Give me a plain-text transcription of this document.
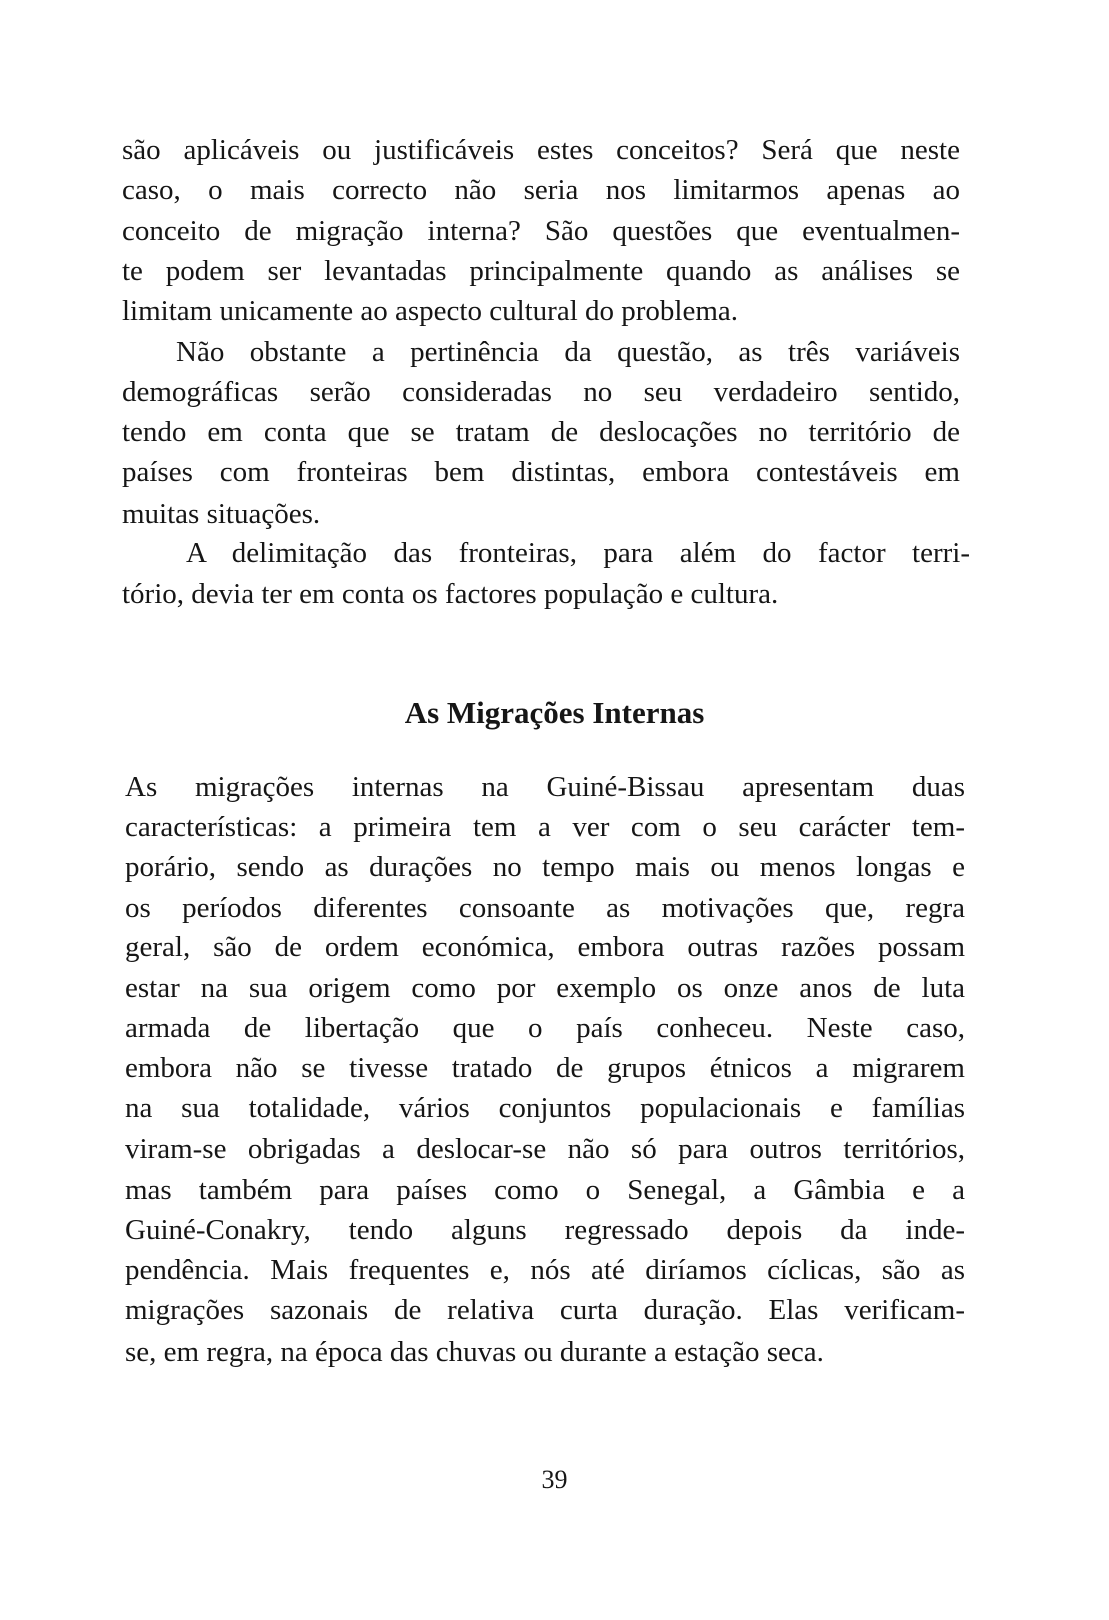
são aplicáveis ou justificáveis estes conceitos? Será que neste
caso, o mais correcto não seria nos limitarmos apenas ao
conceito de migração interna? São questões que eventualmen-
te podem ser levantadas principalmente quando as análises se
limitam unicamente ao aspecto cultural do problema.
Não obstante a pertinência da questão, as três variáveis
demográficas serão consideradas no seu verdadeiro sentido,
tendo em conta que se tratam de deslocações no território de
países com fronteiras bem distintas, embora contestáveis em
muitas situações.
A delimitação das fronteiras, para além do factor terri-
tório, devia ter em conta os factores população e cultura.
As Migrações Internas
As migrações internas na Guiné-Bissau apresentam duas
características: a primeira tem a ver com o seu carácter tem-
porário, sendo as durações no tempo mais ou menos longas e
os períodos diferentes consoante as motivações que, regra
geral, são de ordem económica, embora outras razões possam
estar na sua origem como por exemplo os onze anos de luta
armada de libertação que o país conheceu. Neste caso,
embora não se tivesse tratado de grupos étnicos a migrarem
na sua totalidade, vários conjuntos populacionais e famílias
viram-se obrigadas a deslocar-se não só para outros territórios,
mas também para países como o Senegal, a Gâmbia e a
Guiné-Conakry, tendo alguns regressado depois da inde-
pendência. Mais frequentes e, nós até diríamos cíclicas, são as
migrações sazonais de relativa curta duração. Elas verificam-
se, em regra, na época das chuvas ou durante a estação seca.
39
